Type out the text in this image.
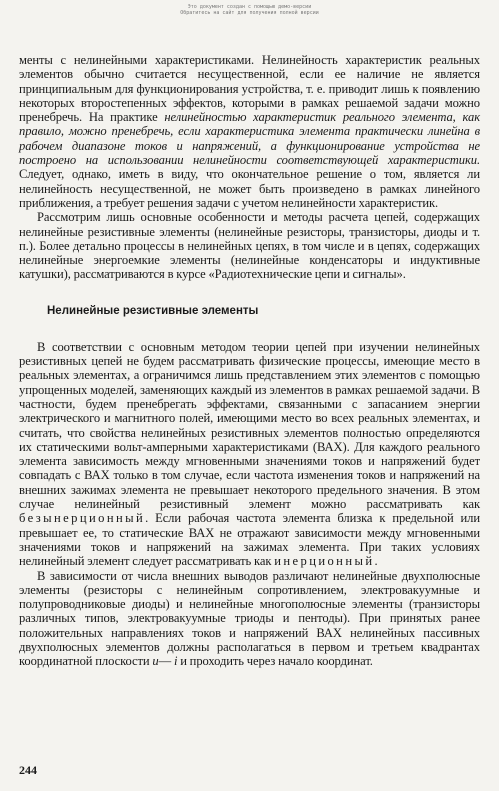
Это документ создан с помощью демо-версии
Обратитесь на сайт для получения полной версии

менты с нелинейными характеристиками. Нелинейность характеристик реальных элементов обычно считается несущественной, если ее наличие не является принципиальным для функционирования устройства, т. е. приводит лишь к появлению некоторых второстепенных эффектов, которыми в рамках решаемой задачи можно пренебречь. На практике нелинейностью характеристик реального элемента, как правило, можно пренебречь, если характеристика элемента практически линейна в рабочем диапазоне токов и напряжений, а функционирование устройства не построено на использовании нелинейности соответствующей характеристики. Следует, однако, иметь в виду, что окончательное решение о том, является ли нелинейность несущественной, не может быть произведено в рамках линейного приближения, а требует решения задачи с учетом нелинейности характеристик.

Рассмотрим лишь основные особенности и методы расчета цепей, содержащих нелинейные резистивные элементы (нелинейные резисторы, транзисторы, диоды и т. п.). Более детально процессы в нелинейных цепях, в том числе и в цепях, содержащих нелинейные энергоемкие элементы (нелинейные конденсаторы и индуктивные катушки), рассматриваются в курсе «Радиотехнические цепи и сигналы».

Нелинейные резистивные элементы

В соответствии с основным методом теории цепей при изучении нелинейных резистивных цепей не будем рассматривать физические процессы, имеющие место в реальных элементах, а ограничимся лишь представлением этих элементов с помощью упрощенных моделей, заменяющих каждый из элементов в рамках решаемой задачи. В частности, будем пренебрегать эффектами, связанными с запасанием энергии электрического и магнитного полей, имеющими место во всех реальных элементах, и считать, что свойства нелинейных резистивных элементов полностью определяются их статическими вольт-амперными характеристиками (ВАХ). Для каждого реального элемента зависимость между мгновенными значениями токов и напряжений будет совпадать с ВАХ только в том случае, если частота изменения токов и напряжений на внешних зажимах элемента не превышает некоторого предельного значения. В этом случае нелинейный резистивный элемент можно рассматривать как безынерционный. Если рабочая частота элемента близка к предельной или превышает ее, то статические ВАХ не отражают зависимости между мгновенными значениями токов и напряжений на зажимах элемента. При таких условиях нелинейный элемент следует рассматривать как инерционный.

В зависимости от числа внешних выводов различают нелинейные двухполюсные элементы (резисторы с нелинейным сопротивлением, электровакуумные и полупроводниковые диоды) и нелинейные многополюсные элементы (транзисторы различных типов, электровакуумные триоды и пентоды). При принятых ранее положительных направлениях токов и напряжений ВАХ нелинейных пассивных двухполюсных элементов должны располагаться в первом и третьем квадрантах координатной плоскости u— i и проходить через начало координат.

244
